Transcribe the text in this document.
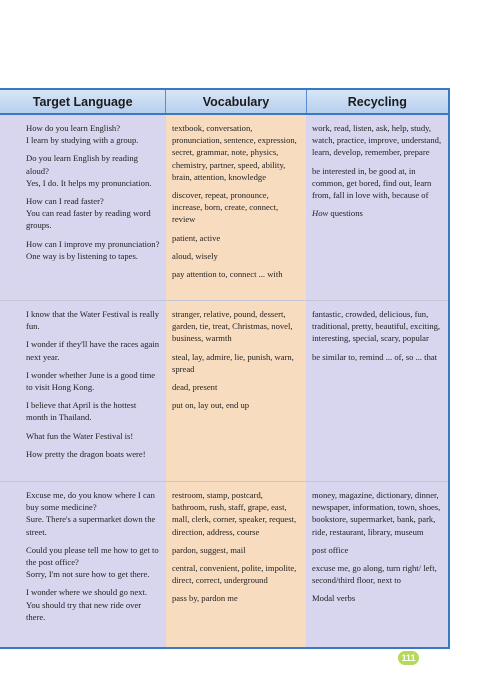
Target Language	Vocabulary	Recycling

How do you learn English?
I learn by studying with a group.

Do you learn English by reading aloud?
Yes, I do. It helps my pronunciation.

How can I read faster?
You can read faster by reading word groups.

How can I improve my pronunciation?
One way is by listening to tapes.

textbook, conversation, pronunciation, sentence, expression, secret, grammar, note, physics, chemistry, partner, speed, ability, brain, attention, knowledge

discover, repeat, pronounce, increase, born, create, connect, review

patient, active

aloud, wisely

pay attention to, connect ... with

work, read, listen, ask, help, study, watch, practice, improve, understand, learn, develop, remember, prepare

be interested in, be good at, in common, get bored, find out, learn from, fall in love with, because of

How questions

I know that the Water Festival is really fun.

I wonder if they'll have the races again next year.

I wonder whether June is a good time to visit Hong Kong.

I believe that April is the hottest month in Thailand.

What fun the Water Festival is!

How pretty the dragon boats were!

stranger, relative, pound, dessert, garden, tie, treat, Christmas, novel, business, warmth

steal, lay, admire, lie, punish, warn, spread

dead, present

put on, lay out, end up

fantastic, crowded, delicious, fun, traditional, pretty, beautiful, exciting, interesting, special, scary, popular

be similar to, remind ... of, so ... that

Excuse me, do you know where I can buy some medicine?
Sure. There's a supermarket down the street.

Could you please tell me how to get to the post office?
Sorry, I'm not sure how to get there.

I wonder where we should go next.
You should try that new ride over there.

restroom, stamp, postcard, bathroom, rush, staff, grape, east, mall, clerk, corner, speaker, request, direction, address, course

pardon, suggest, mail

central, convenient, polite, impolite, direct, correct, underground

pass by, pardon me

money, magazine, dictionary, dinner, newspaper, information, town, shoes, bookstore, supermarket, bank, park, ride, restaurant, library, museum

post office

excuse me, go along, turn right/ left, second/third floor, next to

Modal verbs

111
